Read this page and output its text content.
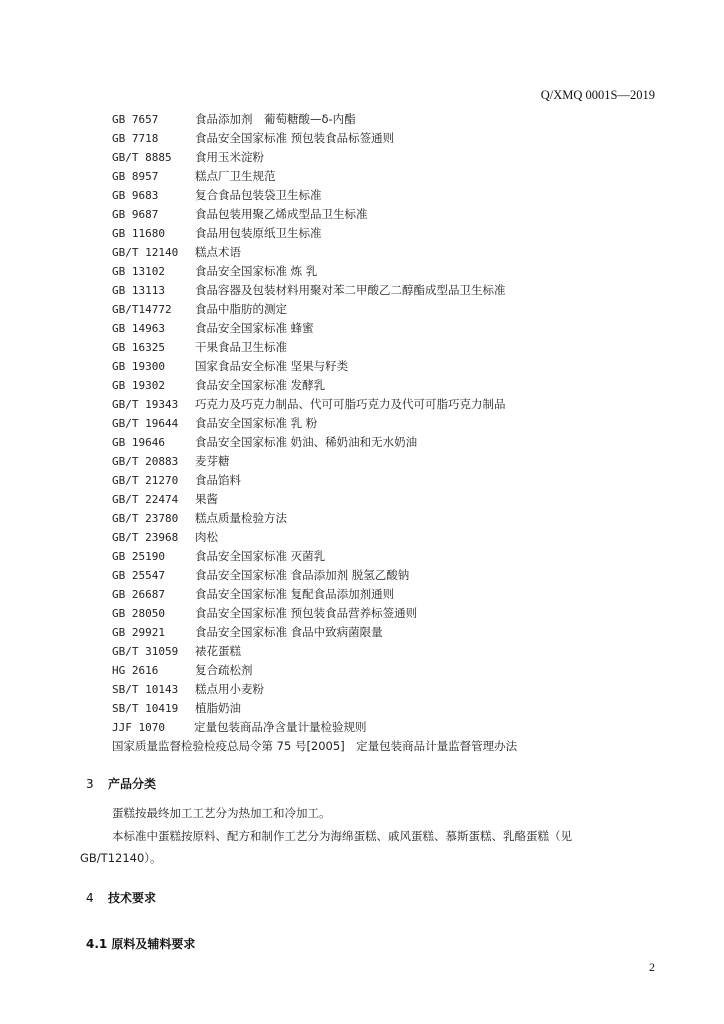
Q/XMQ 0001S—2019
GB 7657	食品添加剂　葡萄糖酸—δ-内酯
GB 7718	食品安全国家标准 预包装食品标签通则
GB/T 8885 食用玉米淀粉
GB 8957	糕点厂卫生规范
GB 9683	复合食品包装袋卫生标准
GB 9687	食品包装用聚乙烯成型品卫生标准
GB 11680	食品用包装原纸卫生标准
GB/T 12140 糕点术语
GB 13102	食品安全国家标准 炼 乳
GB 13113	食品容器及包装材料用聚对苯二甲酸乙二醇酯成型品卫生标准
GB/T14772 食品中脂肪的测定
GB 14963	食品安全国家标准 蜂蜜
GB 16325	干果食品卫生标准
GB 19300	国家食品安全标准 坚果与籽类
GB 19302	食品安全国家标准 发酵乳
GB/T 19343 巧克力及巧克力制品、代可可脂巧克力及代可可脂巧克力制品
GB/T 19644 食品安全国家标准 乳 粉
GB 19646	食品安全国家标准 奶油、稀奶油和无水奶油
GB/T 20883 麦芽糖
GB/T 21270 食品馅料
GB/T 22474 果酱
GB/T 23780 糕点质量检验方法
GB/T 23968 肉松
GB 25190	食品安全国家标准 灭菌乳
GB 25547	食品安全国家标准 食品添加剂 脱氢乙酸钠
GB 26687	食品安全国家标准 复配食品添加剂通则
GB 28050	食品安全国家标准 预包装食品营养标签通则
GB 29921	食品安全国家标准 食品中致病菌限量
GB/T 31059 裱花蛋糕
HG 2616	复合疏松剂
SB/T 10143 糕点用小麦粉
SB/T 10419 植脂奶油
JJF 1070	定量包装商品净含量计量检验规则
国家质量监督检验检疫总局令第 75 号[2005]　定量包装商品计量监督管理办法
3 产品分类
蛋糕按最终加工工艺分为热加工和冷加工。
本标准中蛋糕按原料、配方和制作工艺分为海绵蛋糕、戚风蛋糕、慕斯蛋糕、乳酪蛋糕（见
GB/T12140）。
4 技术要求
4.1 原料及辅料要求
2
